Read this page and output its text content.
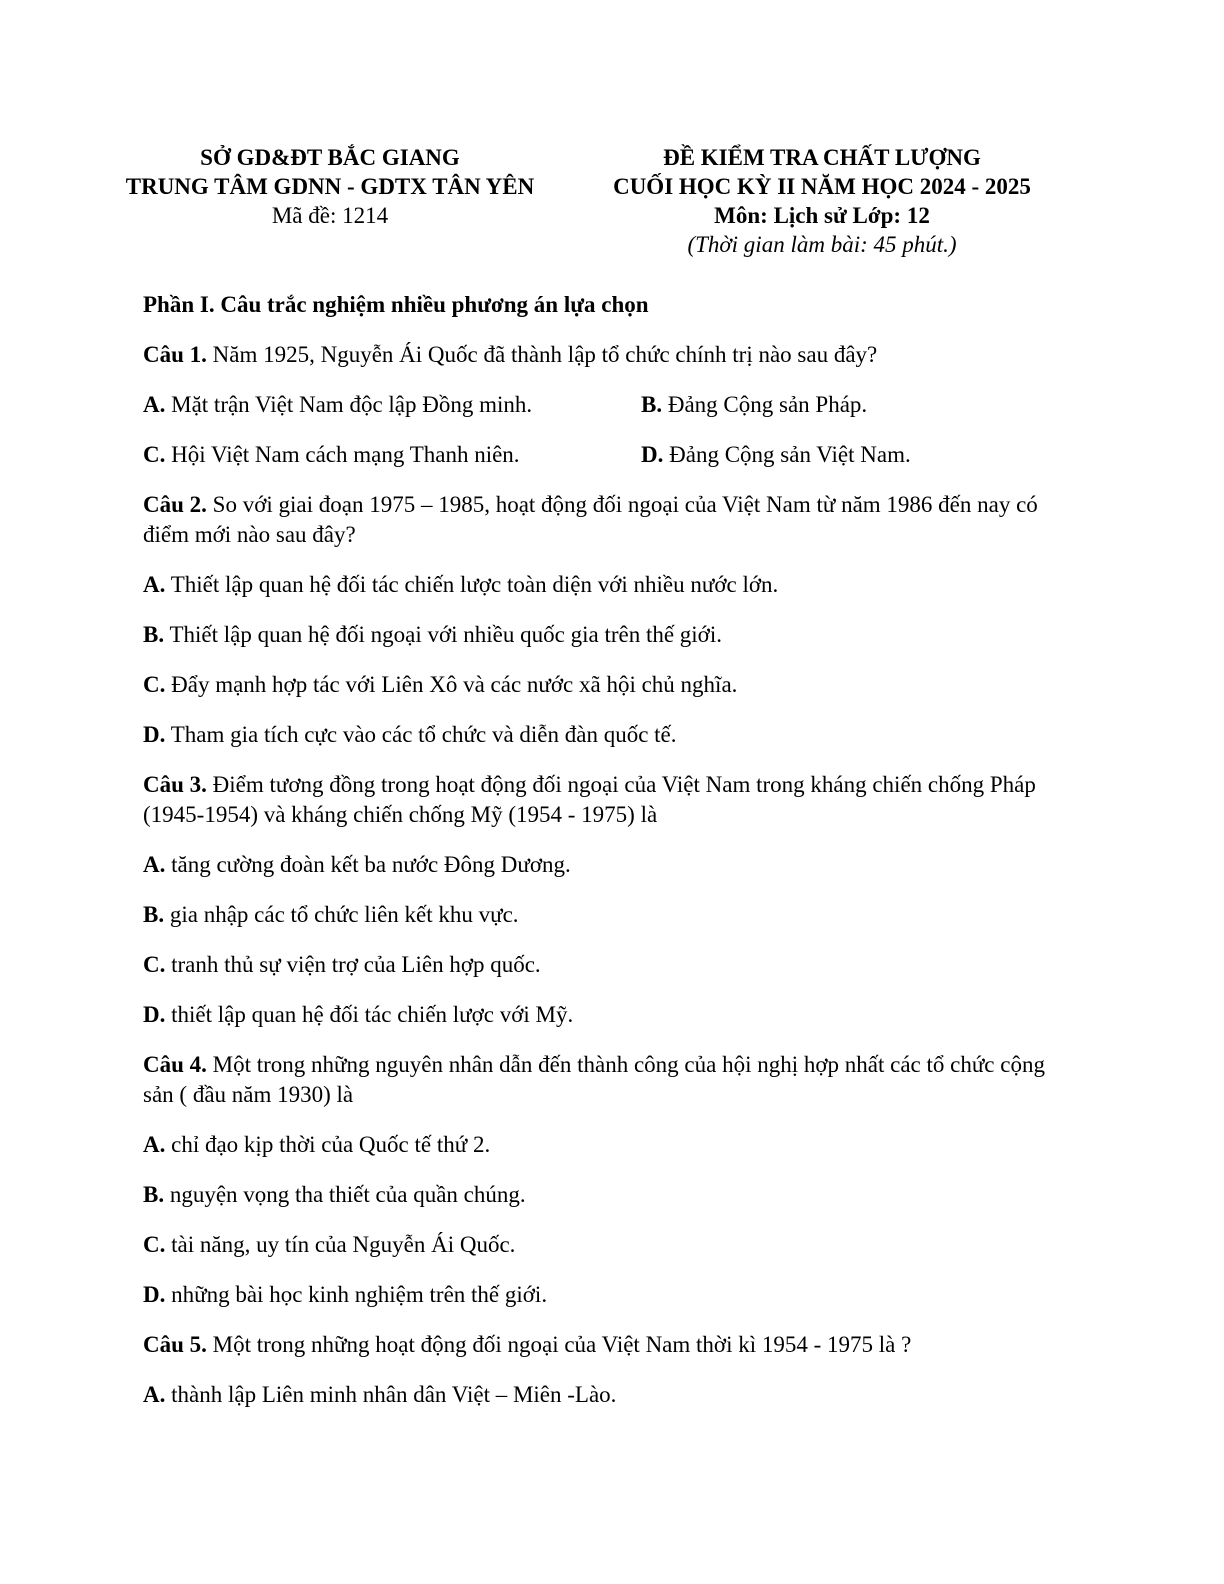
SỞ GD&ĐT BẮC GIANG
TRUNG TÂM GDNN - GDTX TÂN YÊN
Mã đề: 1214
ĐỀ KIỂM TRA CHẤT LƯỢNG
CUỐI HỌC KỲ II NĂM HỌC 2024 - 2025
Môn: Lịch sử Lớp: 12
(Thời gian làm bài: 45 phút.)
Phần I. Câu trắc nghiệm nhiều phương án lựa chọn
Câu 1. Năm 1925, Nguyễn Ái Quốc đã thành lập tổ chức chính trị nào sau đây?
A. Mặt trận Việt Nam độc lập Đồng minh.	B. Đảng Cộng sản Pháp.
C. Hội Việt Nam cách mạng Thanh niên.	D. Đảng Cộng sản Việt Nam.
Câu 2. So với giai đoạn 1975 – 1985, hoạt động đối ngoại của Việt Nam từ năm 1986 đến nay có điểm mới nào sau đây?
A. Thiết lập quan hệ đối tác chiến lược toàn diện với nhiều nước lớn.
B. Thiết lập quan hệ đối ngoại với nhiều quốc gia trên thế giới.
C. Đẩy mạnh hợp tác với Liên Xô và các nước xã hội chủ nghĩa.
D. Tham gia tích cực vào các tổ chức và diễn đàn quốc tế.
Câu 3. Điểm tương đồng trong hoạt động đối ngoại của Việt Nam trong kháng chiến chống Pháp (1945-1954) và kháng chiến chống Mỹ (1954 - 1975) là
A. tăng cường đoàn kết ba nước Đông Dương.
B. gia nhập các tổ chức liên kết khu vực.
C. tranh thủ sự viện trợ của Liên hợp quốc.
D. thiết lập quan hệ đối tác chiến lược với Mỹ.
Câu 4. Một trong những nguyên nhân dẫn đến thành công của hội nghị hợp nhất các tổ chức cộng sản ( đầu năm 1930) là
A. chỉ đạo kịp thời của Quốc tế thứ 2.
B. nguyện vọng tha thiết của quần chúng.
C. tài năng, uy tín của Nguyễn Ái Quốc.
D. những bài học kinh nghiệm trên thế giới.
Câu 5. Một trong những hoạt động đối ngoại của Việt Nam thời kì 1954 - 1975 là ?
A. thành lập Liên minh nhân dân Việt – Miên -Lào.
